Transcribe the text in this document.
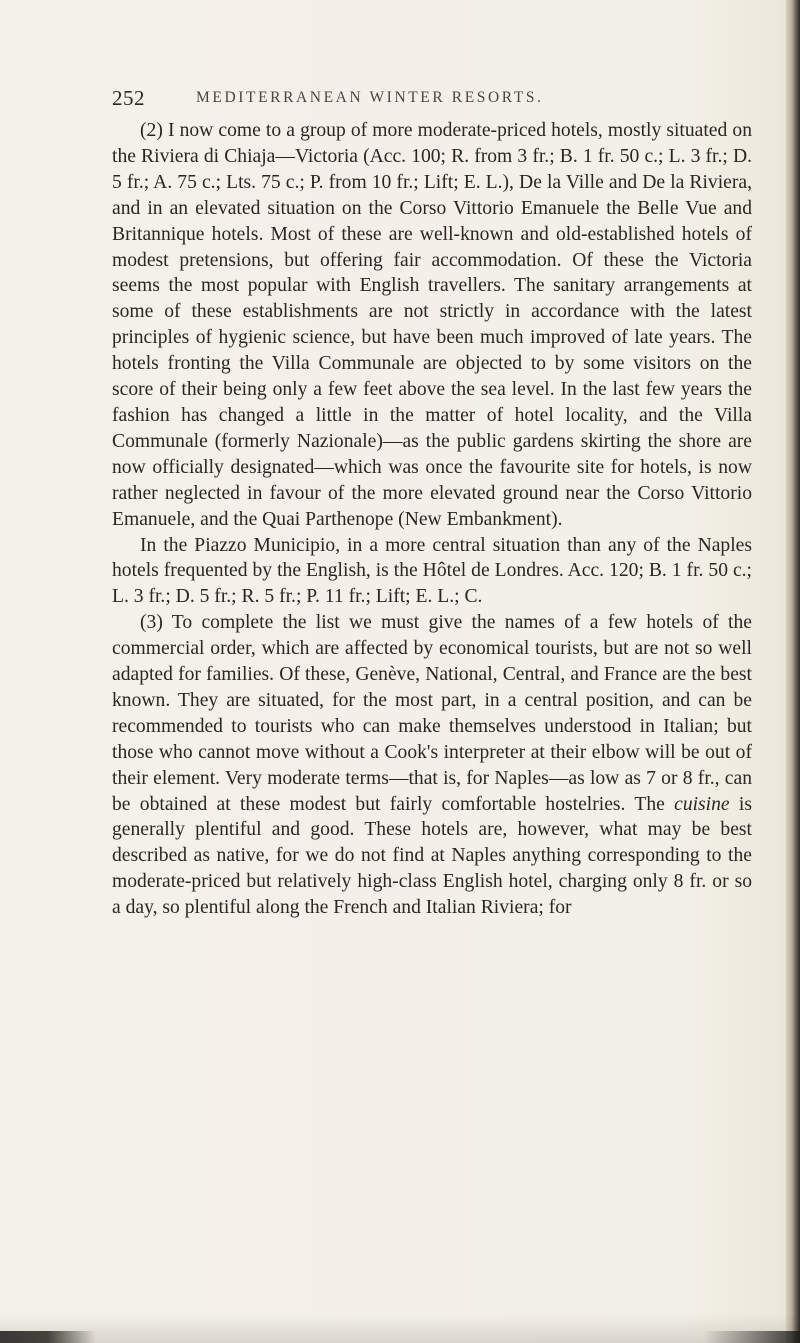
252	MEDITERRANEAN WINTER RESORTS.

(2) I now come to a group of more moderate-priced hotels, mostly situated on the Riviera di Chiaja—Victoria (Acc. 100; R. from 3 fr.; B. 1 fr. 50 c.; L. 3 fr.; D. 5 fr.; A. 75 c.; Lts. 75 c.; P. from 10 fr.; Lift; E. L.), De la Ville and De la Riviera, and in an elevated situation on the Corso Vittorio Emanuele the Belle Vue and Britannique hotels. Most of these are well-known and old-established hotels of modest pretensions, but offering fair accommodation. Of these the Victoria seems the most popular with English travellers. The sanitary arrangements at some of these establishments are not strictly in accordance with the latest principles of hygienic science, but have been much improved of late years. The hotels fronting the Villa Communale are objected to by some visitors on the score of their being only a few feet above the sea level. In the last few years the fashion has changed a little in the matter of hotel locality, and the Villa Communale (formerly Nazionale)—as the public gardens skirting the shore are now officially designated—which was once the favourite site for hotels, is now rather neglected in favour of the more elevated ground near the Corso Vittorio Emanuele, and the Quai Parthenope (New Embankment).

In the Piazzo Municipio, in a more central situation than any of the Naples hotels frequented by the English, is the Hôtel de Londres. Acc. 120; B. 1 fr. 50 c.; L. 3 fr.; D. 5 fr.; R. 5 fr.; P. 11 fr.; Lift; E. L.; C.

(3) To complete the list we must give the names of a few hotels of the commercial order, which are affected by economical tourists, but are not so well adapted for families. Of these, Genève, National, Central, and France are the best known. They are situated, for the most part, in a central position, and can be recommended to tourists who can make themselves understood in Italian; but those who cannot move without a Cook's interpreter at their elbow will be out of their element. Very moderate terms—that is, for Naples—as low as 7 or 8 fr., can be obtained at these modest but fairly comfortable hostelries. The cuisine is generally plentiful and good. These hotels are, however, what may be best described as native, for we do not find at Naples anything corresponding to the moderate-priced but relatively high-class English hotel, charging only 8 fr. or so a day, so plentiful along the French and Italian Riviera; for
